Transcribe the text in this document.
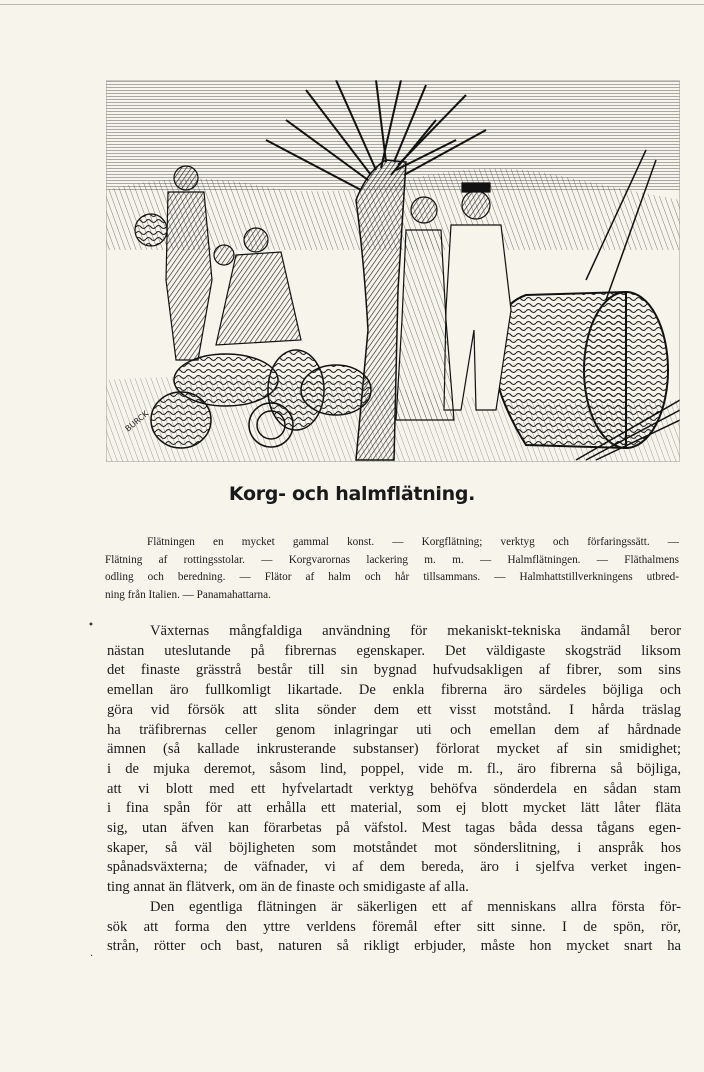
BURCK
Korg- och halmflätning.
Flätningen en mycket gammal konst. — Korgflätning; verktyg och förfaringssätt. —
Flätning af rottingsstolar. — Korgvarornas lackering m. m. — Halmflätningen. — Fläthalmens
odling och beredning. — Flätor af halm och hår tillsammans. — Halmhattstillverkningens utbred-
ning från Italien. — Panamahattarna.
•
.
Växternas mångfaldiga användning för mekaniskt-tekniska ändamål beror
nästan uteslutande på fibrernas egenskaper. Det väldigaste skogsträd liksom
det finaste grässtrå består till sin bygnad hufvudsakligen af fibrer, som sins
emellan äro fullkomligt likartade. De enkla fibrerna äro särdeles böjliga och
göra vid försök att slita sönder dem ett visst motstånd. I hårda träslag
ha träfibrernas celler genom inlagringar uti och emellan dem af hårdnade
ämnen (så kallade inkrusterande substanser) förlorat mycket af sin smidighet;
i de mjuka deremot, såsom lind, poppel, vide m. fl., äro fibrerna så böjliga,
att vi blott med ett hyfvelartadt verktyg behöfva sönderdela en sådan stam
i fina spån för att erhålla ett material, som ej blott mycket lätt låter fläta
sig, utan äfven kan förarbetas på väfstol. Mest tagas båda dessa tågans egen-
skaper, så väl böjligheten som motståndet mot sönderslitning, i anspråk hos
spånadsväxterna; de väfnader, vi af dem bereda, äro i sjelfva verket ingen-
ting annat än flätverk, om än de finaste och smidigaste af alla.
Den egentliga flätningen är säkerligen ett af menniskans allra första för-
sök att forma den yttre verldens föremål efter sitt sinne. I de spön, rör,
strån, rötter och bast, naturen så rikligt erbjuder, måste hon mycket snart ha
